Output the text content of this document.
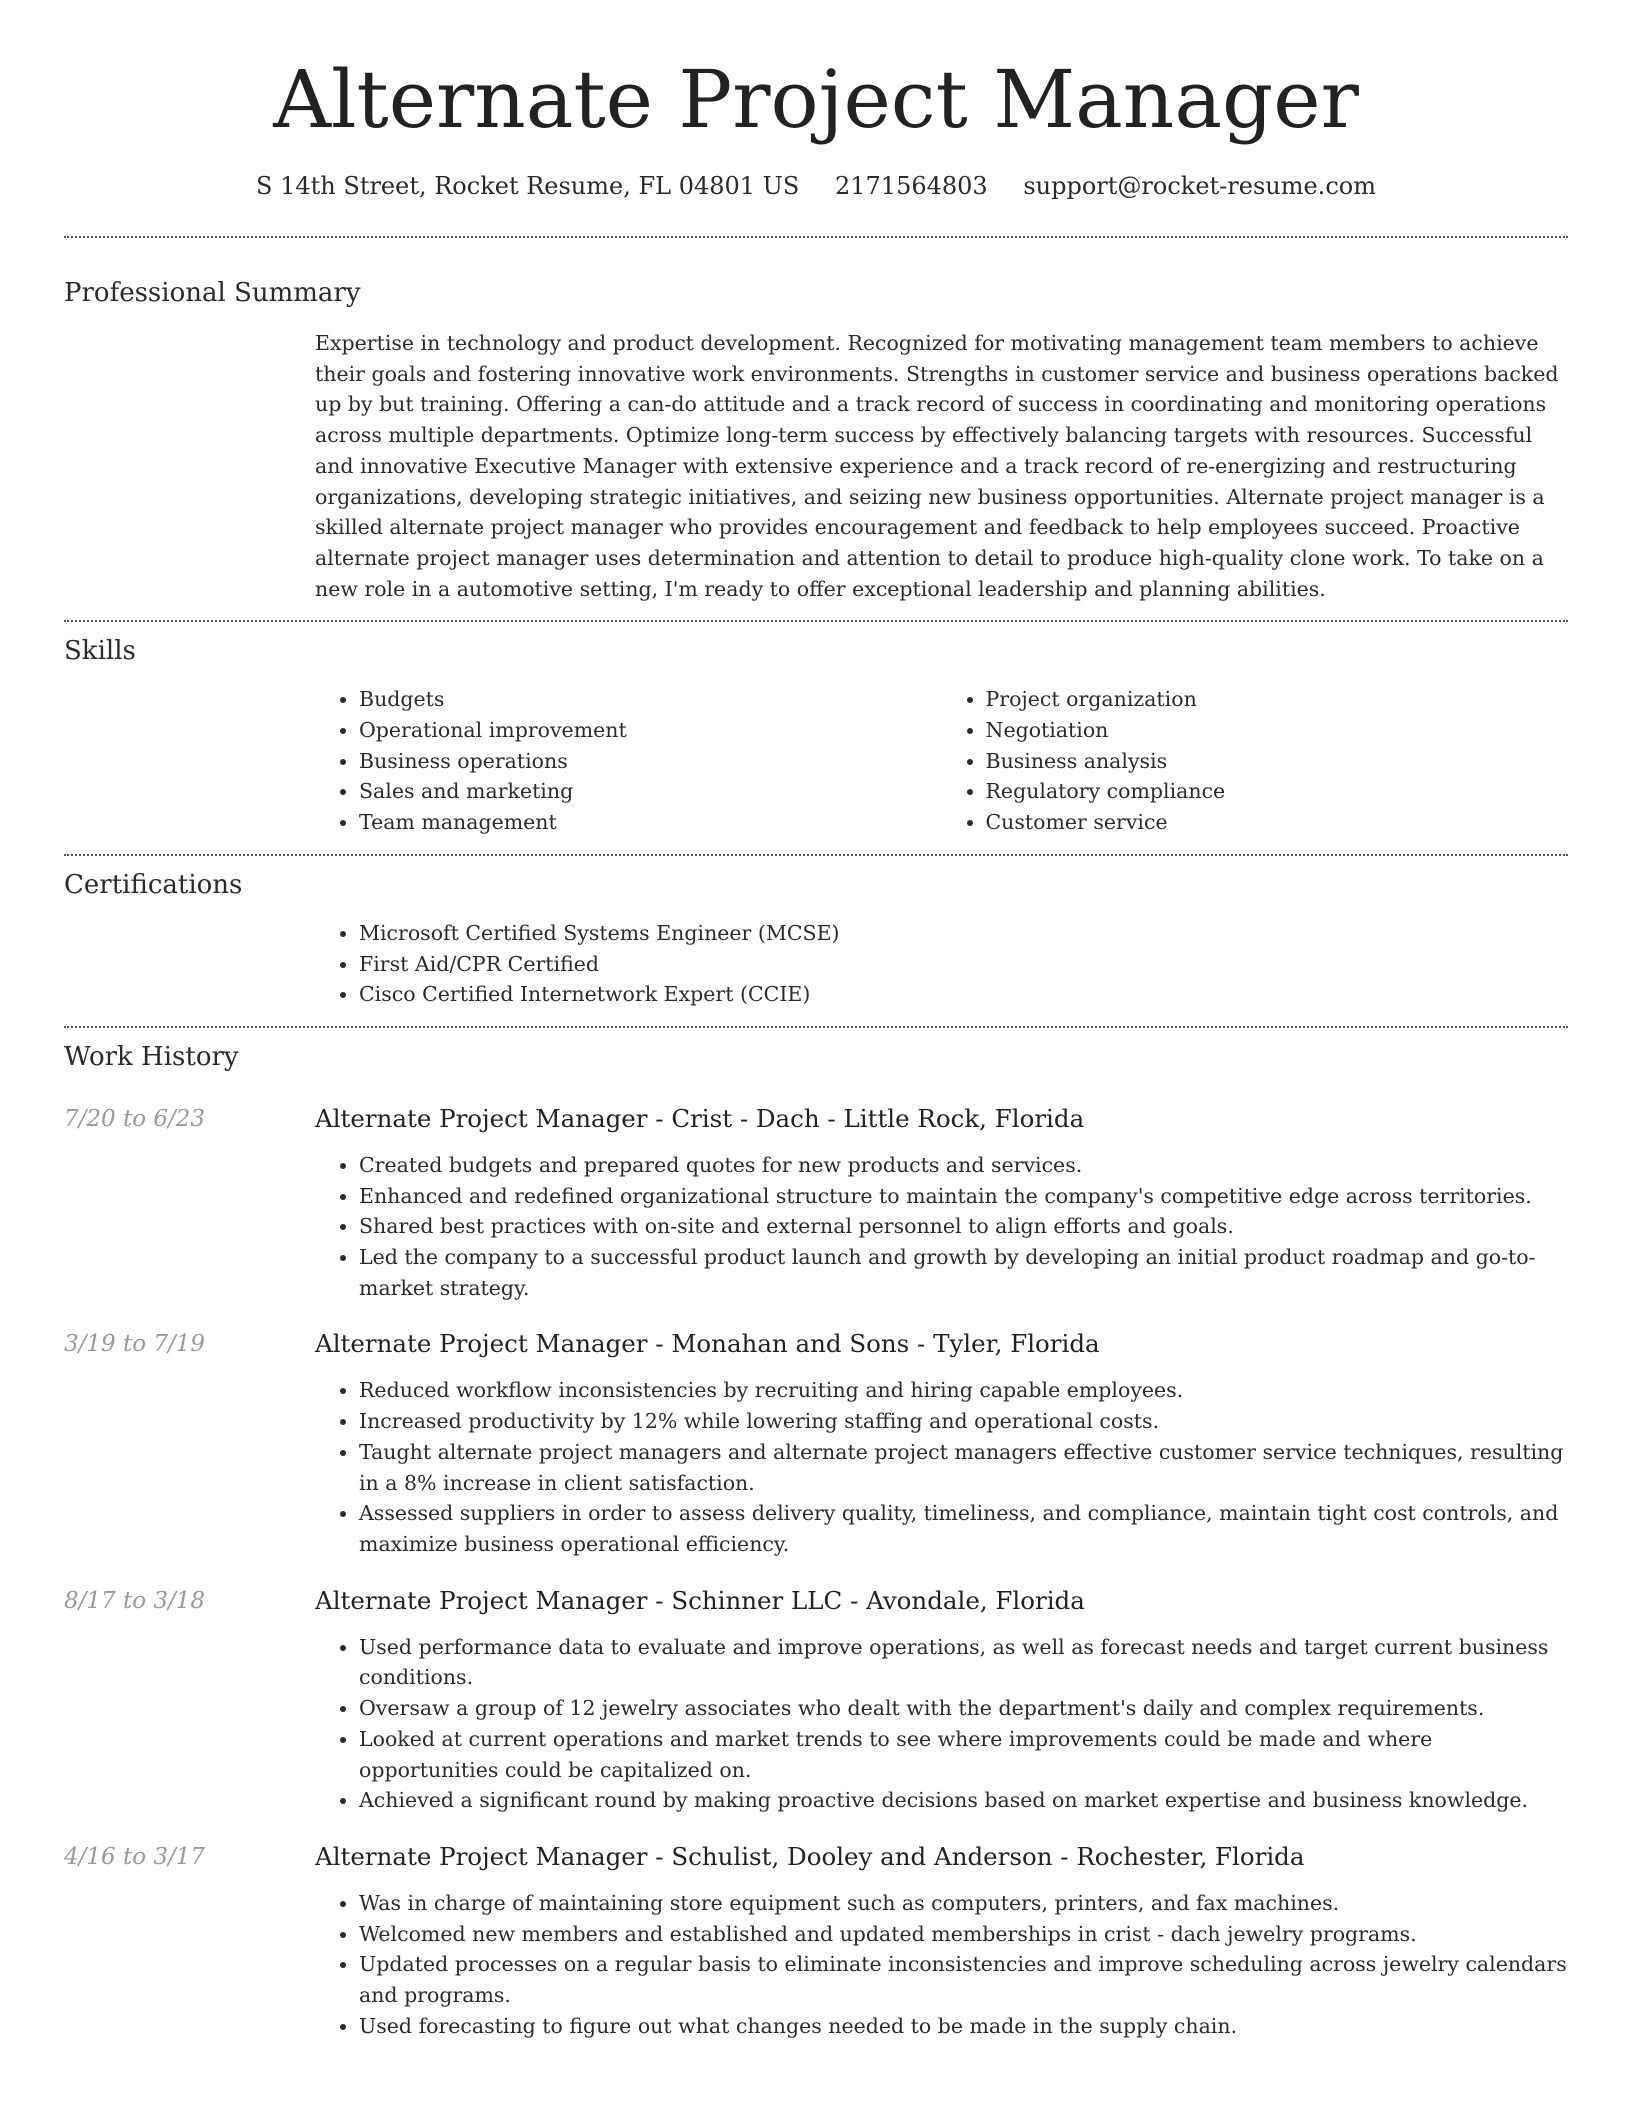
Alternate Project Manager
S 14th Street, Rocket Resume, FL 04801 US 2171564803 support@rocket-resume.com
Professional Summary
Expertise in technology and product development. Recognized for motivating management team members to achieve their goals and fostering innovative work environments. Strengths in customer service and business operations backed up by but training. Offering a can-do attitude and a track record of success in coordinating and monitoring operations across multiple departments. Optimize long-term success by effectively balancing targets with resources. Successful and innovative Executive Manager with extensive experience and a track record of re-energizing and restructuring organizations, developing strategic initiatives, and seizing new business opportunities. Alternate project manager is a skilled alternate project manager who provides encouragement and feedback to help employees succeed. Proactive alternate project manager uses determination and attention to detail to produce high-quality clone work. To take on a new role in a automotive setting, I'm ready to offer exceptional leadership and planning abilities.
Skills
• Budgets
• Operational improvement
• Business operations
• Sales and marketing
• Team management
• Project organization
• Negotiation
• Business analysis
• Regulatory compliance
• Customer service
Certifications
• Microsoft Certified Systems Engineer (MCSE)
• First Aid/CPR Certified
• Cisco Certified Internetwork Expert (CCIE)
Work History
7/20 to 6/23	Alternate Project Manager - Crist - Dach - Little Rock, Florida
• Created budgets and prepared quotes for new products and services.
• Enhanced and redefined organizational structure to maintain the company's competitive edge across territories.
• Shared best practices with on-site and external personnel to align efforts and goals.
• Led the company to a successful product launch and growth by developing an initial product roadmap and go-to-market strategy.
3/19 to 7/19	Alternate Project Manager - Monahan and Sons - Tyler, Florida
• Reduced workflow inconsistencies by recruiting and hiring capable employees.
• Increased productivity by 12% while lowering staffing and operational costs.
• Taught alternate project managers and alternate project managers effective customer service techniques, resulting in a 8% increase in client satisfaction.
• Assessed suppliers in order to assess delivery quality, timeliness, and compliance, maintain tight cost controls, and maximize business operational efficiency.
8/17 to 3/18	Alternate Project Manager - Schinner LLC - Avondale, Florida
• Used performance data to evaluate and improve operations, as well as forecast needs and target current business conditions.
• Oversaw a group of 12 jewelry associates who dealt with the department's daily and complex requirements.
• Looked at current operations and market trends to see where improvements could be made and where opportunities could be capitalized on.
• Achieved a significant round by making proactive decisions based on market expertise and business knowledge.
4/16 to 3/17	Alternate Project Manager - Schulist, Dooley and Anderson - Rochester, Florida
• Was in charge of maintaining store equipment such as computers, printers, and fax machines.
• Welcomed new members and established and updated memberships in crist - dach jewelry programs.
• Updated processes on a regular basis to eliminate inconsistencies and improve scheduling across jewelry calendars and programs.
• Used forecasting to figure out what changes needed to be made in the supply chain.
